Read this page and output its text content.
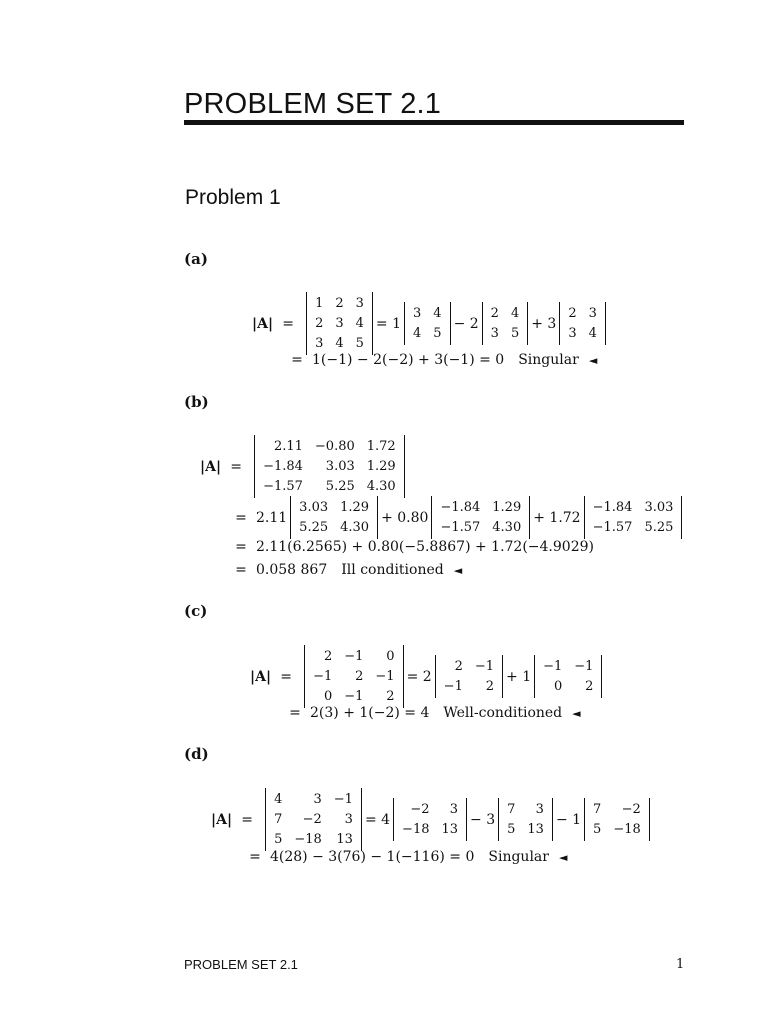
PROBLEM SET 2.1
Problem 1
(a)
|A| =
1 2 3
2 3 4
3 4 5
= 1
3 4
4 5
− 2
2 4
3 5
+ 3
2 3
3 4
= 1(−1) − 2(−2) + 3(−1) = 0 Singular ◄
(b)
|A| =
2.11 −0.80 1.72
−1.84	3.03 1.29
−1.57	5.25 4.30
= 2.11
3.03 1.29
5.25 4.30
+ 0.80
−1.84 1.29
−1.57 4.30
+ 1.72
−1.84 3.03
−1.57 5.25
= 2.11(6.2565) + 0.80(−5.8867) + 1.72(−4.9029)
= 0.058 867 Ill conditioned ◄
(c)
|A| =
2 −1	0
−1	2 −1
0 −1	2
= 2
2 −1
−1	2
+ 1
−1 −1
0	2
= 2(3) + 1(−2) = 4 Well-conditioned ◄
(d)
|A| =
4	3 −1
7	−2	3
5 −18 13
= 4
−2	3
−18 13
− 3
7	3
5 13
− 1
7	−2
5 −18
= 4(28) − 3(76) − 1(−116) = 0 Singular ◄
PROBLEM SET 2.1	1
